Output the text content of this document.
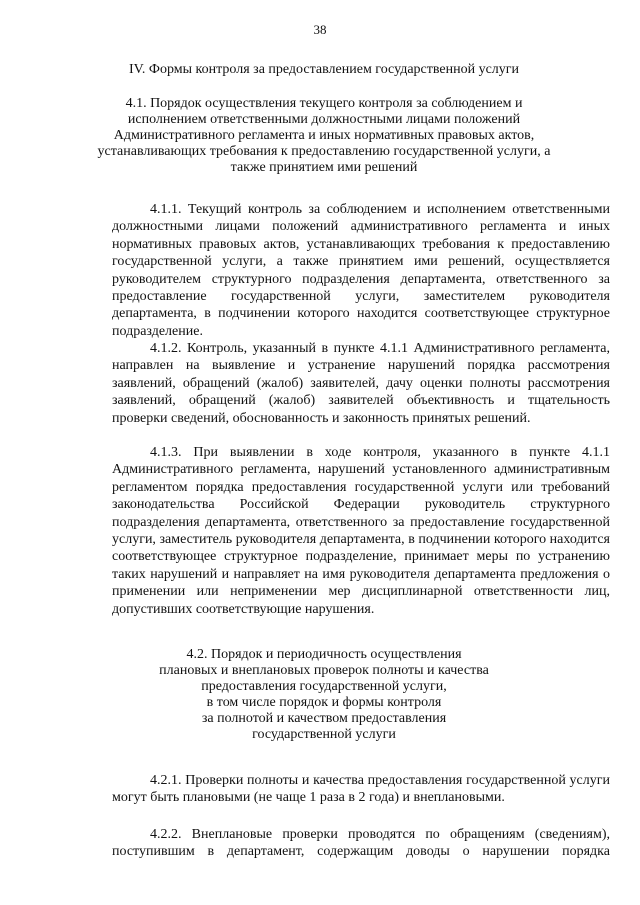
38
IV. Формы контроля за предоставлением государственной услуги
4.1. Порядок осуществления текущего контроля за соблюдением и
исполнением ответственными должностными лицами положений
Административного регламента и иных нормативных правовых актов,
устанавливающих требования к предоставлению государственной услуги, а
также принятием ими решений
4.1.1. Текущий контроль за соблюдением и исполнением ответственными должностными лицами положений административного регламента и иных нормативных правовых актов, устанавливающих требования к предоставлению государственной услуги, а также принятием ими решений, осуществляется руководителем структурного подразделения департамента, ответственного за предоставление государственной услуги, заместителем руководителя департамента, в подчинении которого находится соответствующее структурное подразделение.
4.1.2. Контроль, указанный в пункте 4.1.1 Административного регламента, направлен на выявление и устранение нарушений порядка рассмотрения заявлений, обращений (жалоб) заявителей, дачу оценки полноты рассмотрения заявлений, обращений (жалоб) заявителей объективность и тщательность проверки сведений, обоснованность и законность принятых решений.
4.1.3. При выявлении в ходе контроля, указанного в пункте 4.1.1 Административного регламента, нарушений установленного административным регламентом порядка предоставления государственной услуги или требований законодательства Российской Федерации руководитель структурного подразделения департамента, ответственного за предоставление государственной услуги, заместитель руководителя департамента, в подчинении которого находится соответствующее структурное подразделение, принимает меры по устранению таких нарушений и направляет на имя руководителя департамента предложения о применении или неприменении мер дисциплинарной ответственности лиц, допустивших соответствующие нарушения.
4.2. Порядок и периодичность осуществления
плановых и внеплановых проверок полноты и качества
предоставления государственной услуги,
в том числе порядок и формы контроля
за полнотой и качеством предоставления
государственной услуги
4.2.1. Проверки полноты и качества предоставления государственной услуги могут быть плановыми (не чаще 1 раза в 2 года) и внеплановыми.
4.2.2. Внеплановые проверки проводятся по обращениям (сведениям), поступившим в департамент, содержащим доводы о нарушении порядка
